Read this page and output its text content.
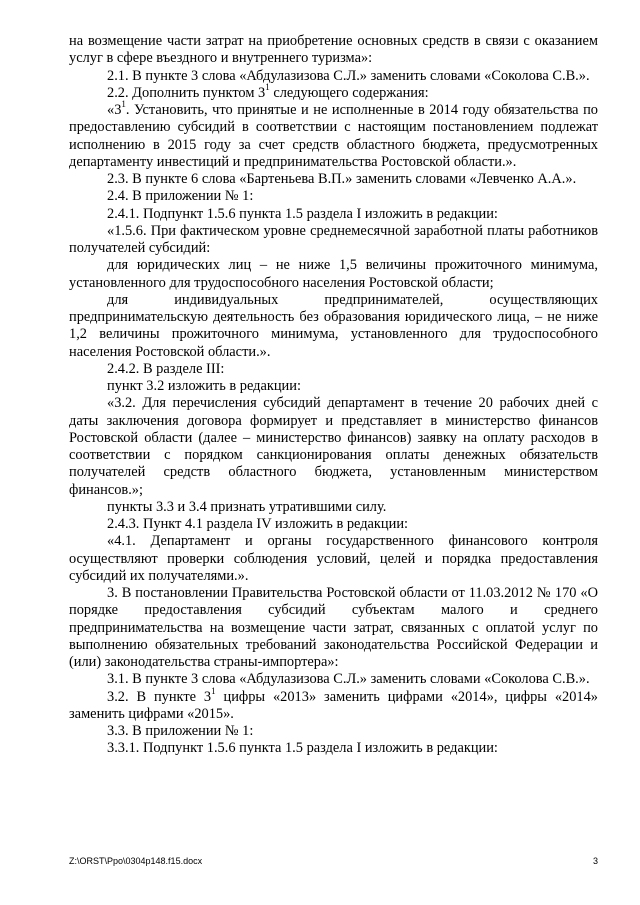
на возмещение части затрат на приобретение основных средств в связи с оказанием услуг в сфере въездного и внутреннего туризма»:

2.1. В пункте 3 слова «Абдулазизова С.Л.» заменить словами «Соколова С.В.».

2.2. Дополнить пунктом $3^1$ следующего содержания:

«$3^1$. Установить, что принятые и не исполненные в 2014 году обязательства по предоставлению субсидий в соответствии с настоящим постановлением подлежат исполнению в 2015 году за счет средств областного бюджета, предусмотренных департаменту инвестиций и предпринимательства Ростовской области.».

2.3. В пункте 6 слова «Бартеньева В.П.» заменить словами «Левченко А.А.».

2.4. В приложении № 1:

2.4.1. Подпункт 1.5.6 пункта 1.5 раздела I изложить в редакции:

«1.5.6. При фактическом уровне среднемесячной заработной платы работников получателей субсидий:

для юридических лиц – не ниже 1,5 величины прожиточного минимума, установленного для трудоспособного населения Ростовской области;

для индивидуальных предпринимателей, осуществляющих предпринимательскую деятельность без образования юридического лица, – не ниже 1,2 величины прожиточного минимума, установленного для трудоспособного населения Ростовской области.».

2.4.2. В разделе III:

пункт 3.2 изложить в редакции:

«3.2. Для перечисления субсидий департамент в течение 20 рабочих дней с даты заключения договора формирует и представляет в министерство финансов Ростовской области (далее – министерство финансов) заявку на оплату расходов в соответствии с порядком санкционирования оплаты денежных обязательств получателей средств областного бюджета, установленным министерством финансов.»;

пункты 3.3 и 3.4 признать утратившими силу.

2.4.3. Пункт 4.1 раздела IV изложить в редакции:

«4.1. Департамент и органы государственного финансового контроля осуществляют проверки соблюдения условий, целей и порядка предоставления субсидий их получателями.».

3. В постановлении Правительства Ростовской области от 11.03.2012 № 170 «О порядке предоставления субсидий субъектам малого и среднего предпринимательства на возмещение части затрат, связанных с оплатой услуг по выполнению обязательных требований законодательства Российской Федерации и (или) законодательства страны-импортера»:

3.1. В пункте 3 слова «Абдулазизова С.Л.» заменить словами «Соколова С.В.».

3.2. В пункте $3^1$ цифры «2013» заменить цифрами «2014», цифры «2014» заменить цифрами «2015».

3.3. В приложении № 1:

3.3.1. Подпункт 1.5.6 пункта 1.5 раздела I изложить в редакции:

Z:\ORST\Ppo\0304p148.f15.docx	3
